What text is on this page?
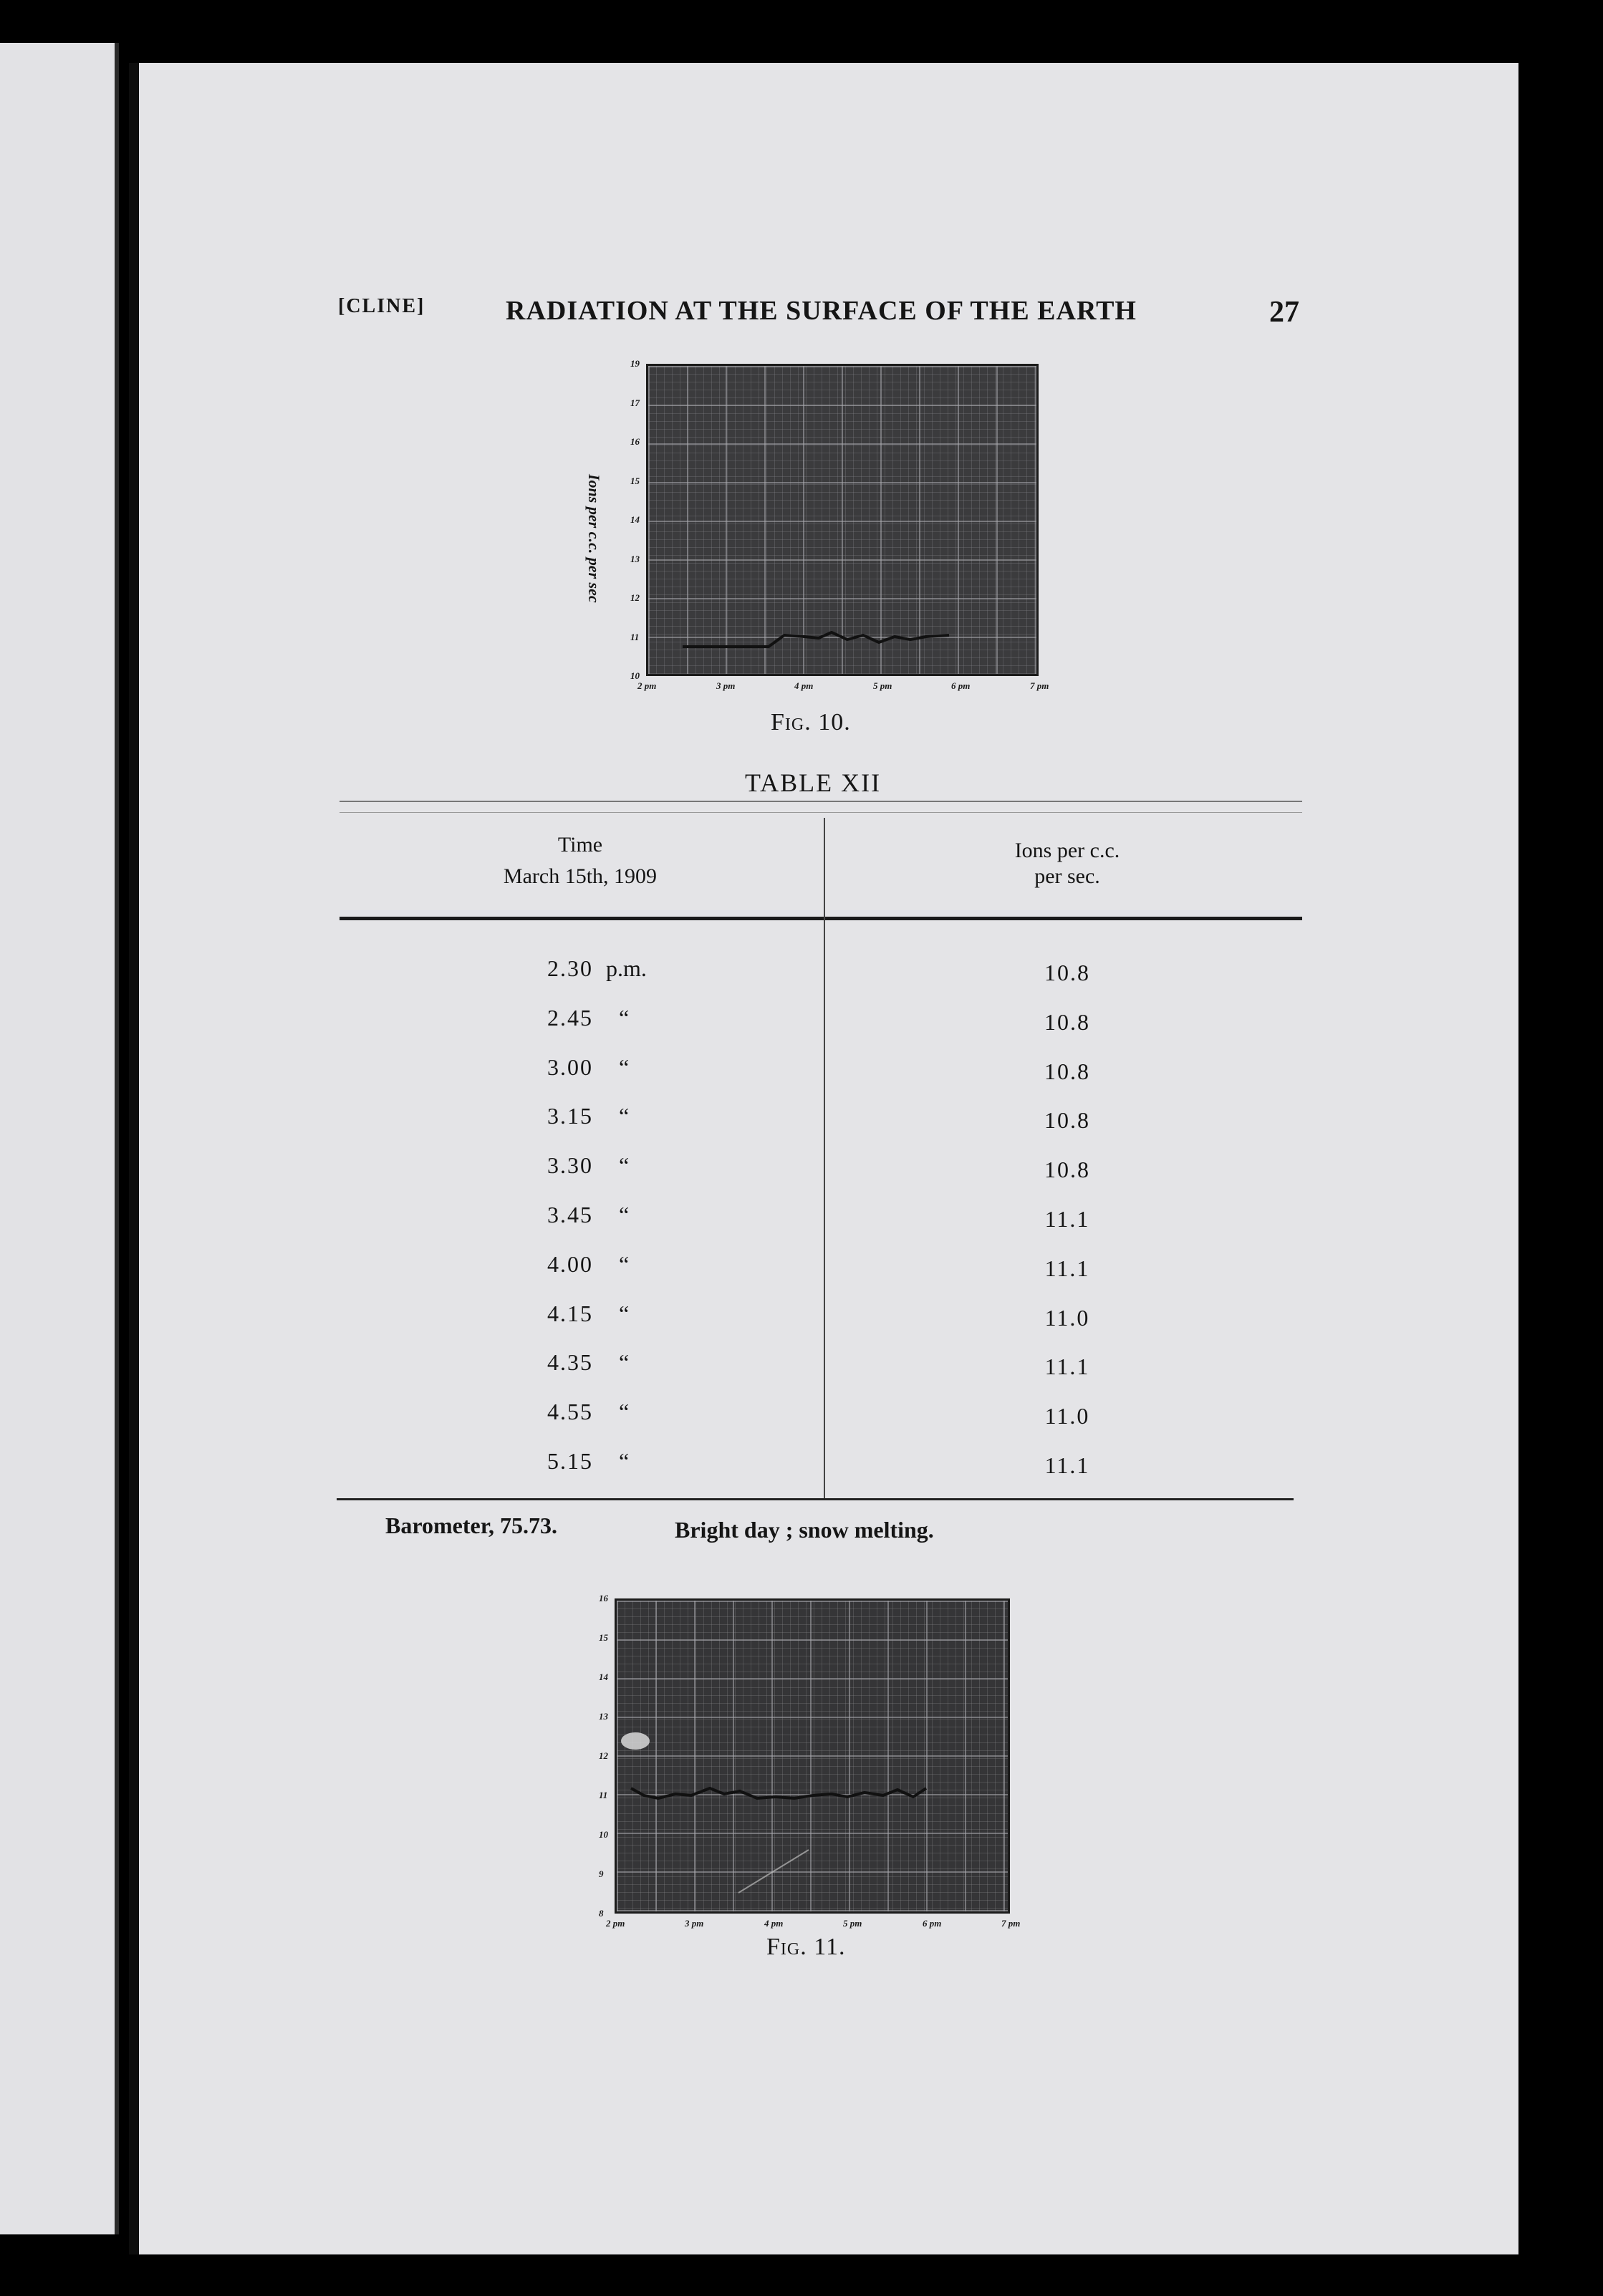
[CLINE]	RADIATION AT THE SURFACE OF THE EARTH	27
Ions per c.c. per sec
19
17
16
15
14
13
12
11
10
2 pm	3 pm	4 pm	5 pm	6 pm	7 pm
Fig. 10.
TABLE XII
Time
March 15th, 1909
Ions per c.c.
per sec.
2.30 p.m.	10.8
2.45 “	10.8
3.00 “	10.8
3.15 “	10.8
3.30 “	10.8
3.45 “	11.1
4.00 “	11.1
4.15 “	11.0
4.35 “	11.1
4.55 “	11.0
5.15 “	11.1
Barometer, 75.73.	Bright day ; snow melting.
16
15
14
13
12
11
10
9
8
2 pm	3 pm	4 pm	5 pm	6 pm	7 pm
Fig. 11.
